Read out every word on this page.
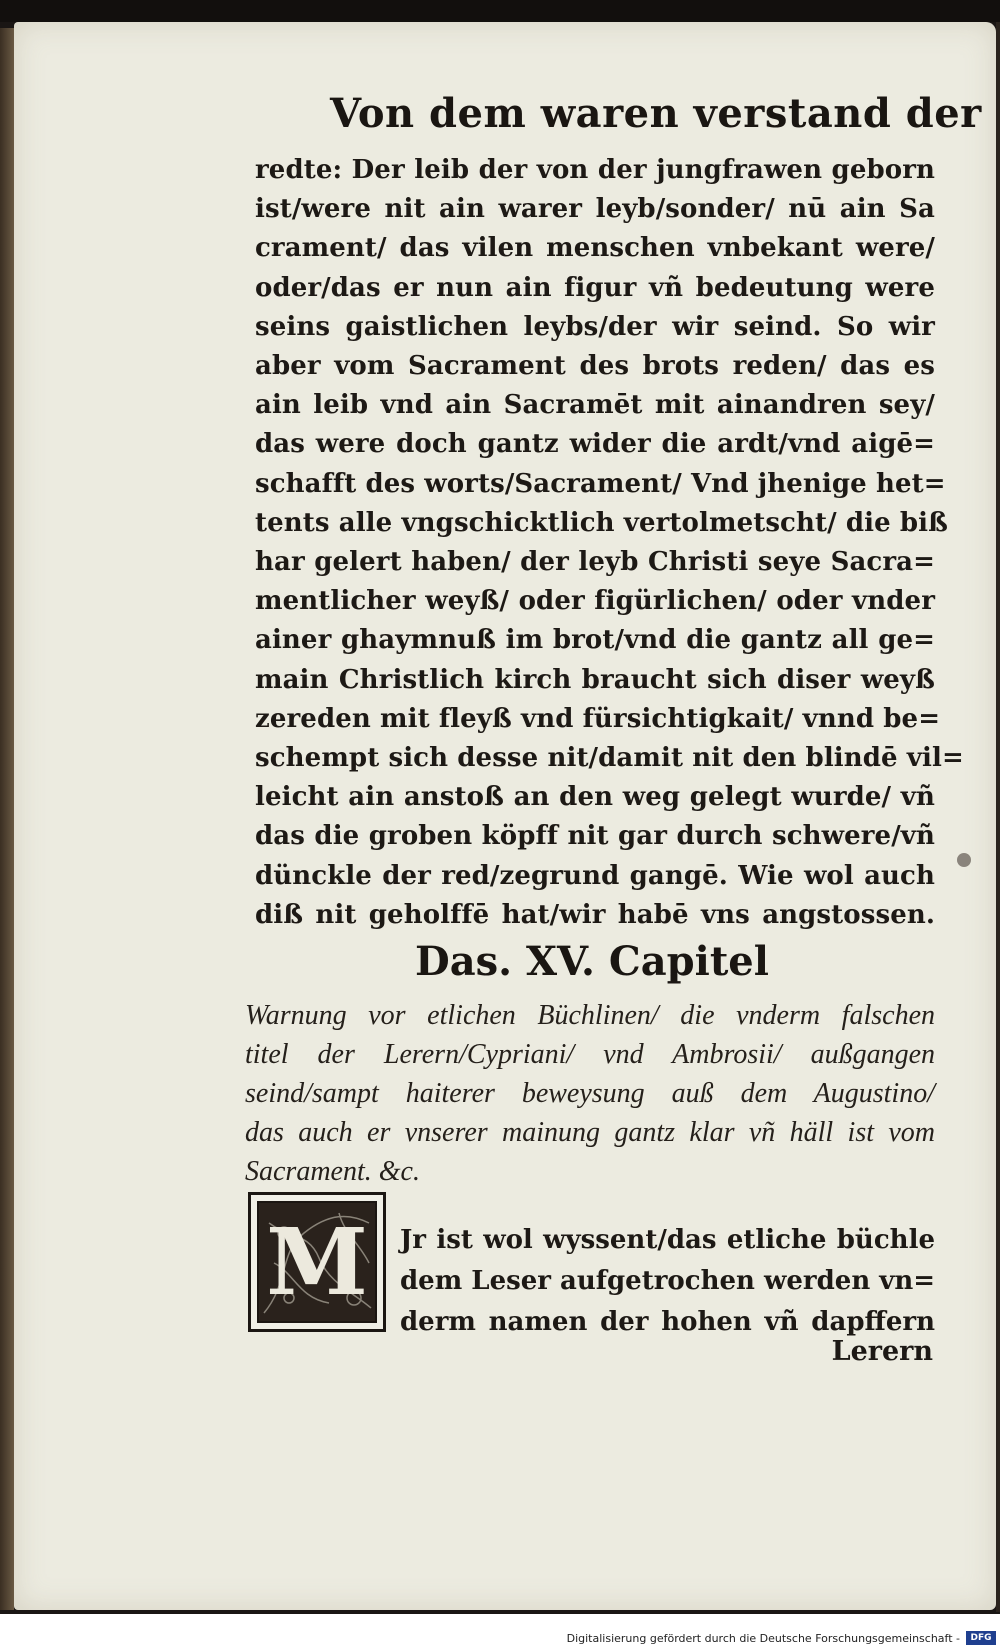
Von dem waren verstand der
redte: Der leib der von der jungfrawen geborn
ist/were nit ain warer leyb/sonder/ nū ain Sa
crament/ das vilen menschen vnbekant were/
oder/das er nun ain figur vñ bedeutung were
seins gaistlichen leybs/der wir seind. So wir
aber vom Sacrament des brots reden/ das es
ain leib vnd ain Sacramēt mit ainandren sey/
das were doch gantz wider die ardt/vnd aigē=
schafft des worts/Sacrament/ Vnd jhenige het=
tents alle vngschicktlich vertolmetscht/ die biß
har gelert haben/ der leyb Christi seye Sacra=
mentlicher weyß/ oder figürlichen/ oder vnder
ainer ghaymnuß im brot/vnd die gantz all ge=
main Christlich kirch braucht sich diser weyß
zereden mit fleyß vnd fürsichtigkait/ vnnd be=
schempt sich desse nit/damit nit den blindē vil=
leicht ain anstoß an den weg gelegt wurde/ vñ
das die groben köpff nit gar durch schwere/vñ
dünckle der red/zegrund gangē. Wie wol auch
diß nit geholffē hat/wir habē vns angstossen.
Das. XV. Capitel
Warnung vor etlichen Büchlinen/ die vnderm falschen
titel der Lerern/Cypriani/ vnd Ambrosii/ außgangen
seind/sampt haiterer beweysung auß dem Augustino/
das auch er vnserer mainung gantz klar vñ häll ist vom
Sacrament. &c.
M Jr ist wol wyssent/das etliche büchle
dem Leser aufgetrochen werden vn=
derm namen der hohen vñ dapffern
Lerern
Digitalisierung gefördert durch die Deutsche Forschungsgemeinschaft -	DFG
